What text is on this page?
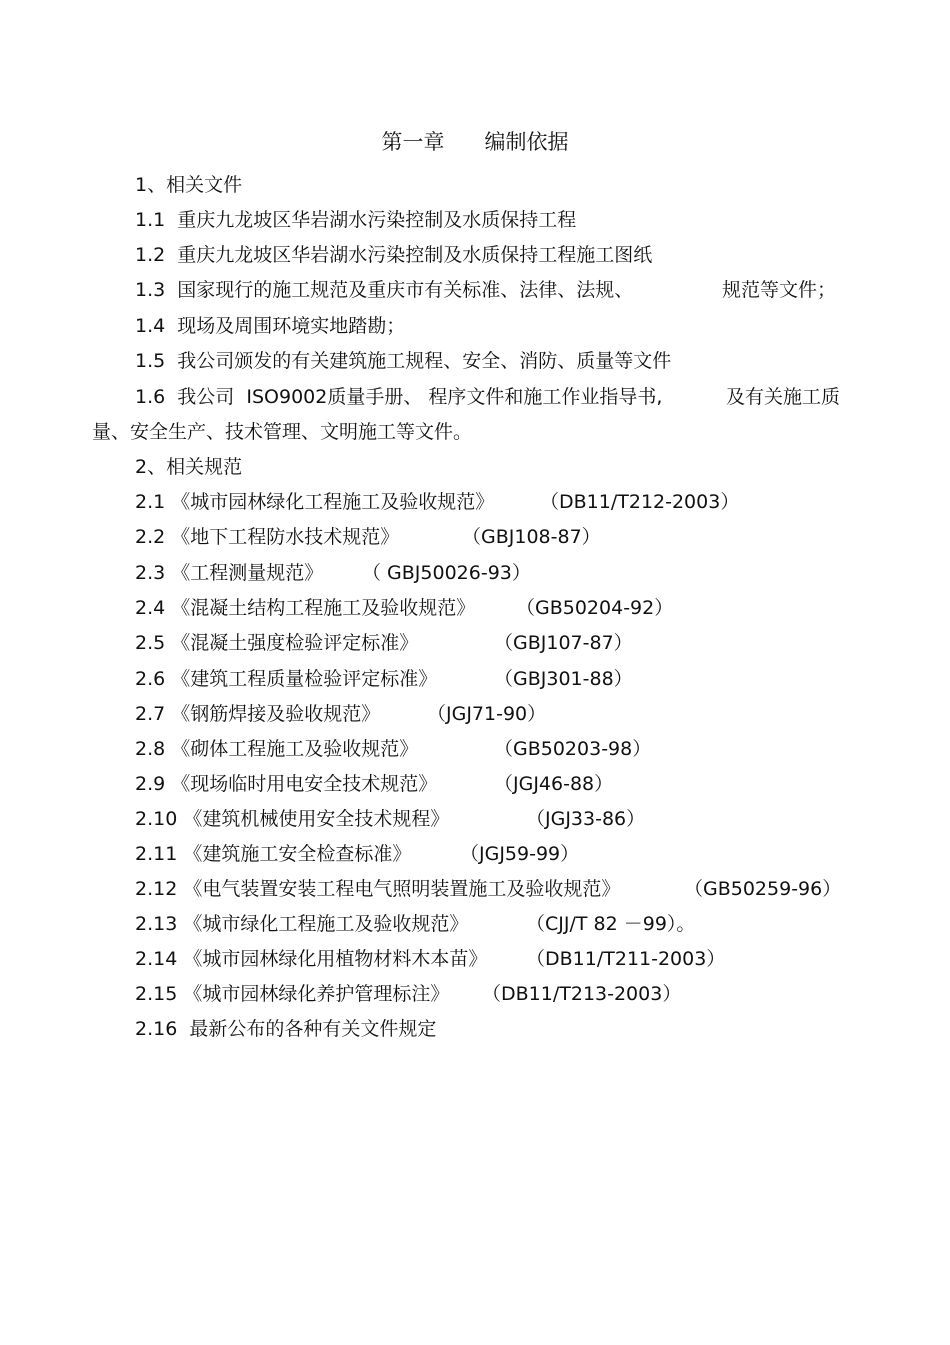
第一章      编制依据
1、相关文件
1.1  重庆九龙坡区华岩湖水污染控制及水质保持工程
1.2  重庆九龙坡区华岩湖水污染控制及水质保持工程施工图纸
1.3  国家现行的施工规范及重庆市有关标准、法律、法规、	规范等文件；
1.4  现场及周围环境实地踏勘；
1.5  我公司颁发的有关建筑施工规程、安全、消防、质量等文件
1.6  我公司  ISO9002质量手册、 程序文件和施工作业指导书,	及有关施工质
量、安全生产、技术管理、文明施工等文件。
2、相关规范
2.1 《城市园林绿化工程施工及验收规范》 （DB11/T212-2003）
2.2 《地下工程防水技术规范》	（GBJ108-87）
2.3 《工程测量规范》 （ GBJ50026-93）
2.4 《混凝土结构工程施工及验收规范》 （GB50204-92）
2.5 《混凝土强度检验评定标准》	（GBJ107-87）
2.6 《建筑工程质量检验评定标准》	（GBJ301-88）
2.7 《钢筋焊接及验收规范》 （JGJ71-90）
2.8 《砌体工程施工及验收规范》	（GB50203-98）
2.9 《现场临时用电安全技术规范》	（JGJ46-88）
2.10 《建筑机械使用安全技术规程》	（JGJ33-86）
2.11 《建筑施工安全检查标准》	（JGJ59-99）
2.12 《电气装置安装工程电气照明装置施工及验收规范》	（GB50259-96）
2.13 《城市绿化工程施工及验收规范》	（CJJ/T 82 －99）。
2.14 《城市园林绿化用植物材料木本苗》 （DB11/T211-2003）
2.15 《城市园林绿化养护管理标注》 （DB11/T213-2003）
2.16  最新公布的各种有关文件规定
